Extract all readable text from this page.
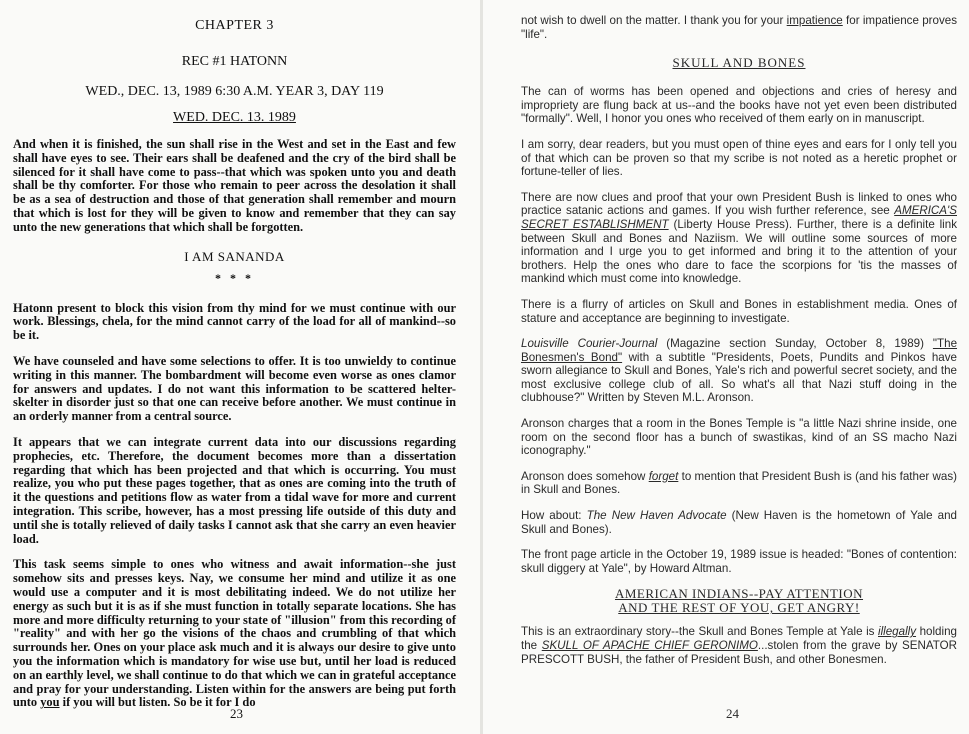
CHAPTER 3
REC #1 HATONN
WED., DEC. 13, 1989 6:30 A.M. YEAR 3, DAY 119
WED. DEC. 13. 1989

And when it is finished, the sun shall rise in the West and set in the East and few shall have eyes to see. Their ears shall be deafened and the cry of the bird shall be silenced for it shall have come to pass--that which was spoken unto you and death shall be thy comforter. For those who remain to peer across the desolation it shall be as a sea of destruction and those of that generation shall remember and mourn that which is lost for they will be given to know and remember that they can say unto the new generations that which shall be forgotten.

I AM SANANDA
* * *

Hatonn present to block this vision from thy mind for we must continue with our work. Blessings, chela, for the mind cannot carry of the load for all of mankind--so be it.

We have counseled and have some selections to offer. It is too unwieldy to continue writing in this manner. The bombardment will become even worse as ones clamor for answers and updates. I do not want this information to be scattered helter-skelter in disorder just so that one can receive before another. We must continue in an orderly manner from a central source.

It appears that we can integrate current data into our discussions regarding prophecies, etc. Therefore, the document becomes more than a dissertation regarding that which has been projected and that which is occurring. You must realize, you who put these pages together, that as ones are coming into the truth of it the questions and petitions flow as water from a tidal wave for more and current integration. This scribe, however, has a most pressing life outside of this duty and until she is totally relieved of daily tasks I cannot ask that she carry an even heavier load.

This task seems simple to ones who witness and await information--she just somehow sits and presses keys. Nay, we consume her mind and utilize it as one would use a computer and it is most debilitating indeed. We do not utilize her energy as such but it is as if she must function in totally separate locations. She has more and more difficulty returning to your state of "illusion" from this recording of "reality" and with her go the visions of the chaos and crumbling of that which surrounds her. Ones on your place ask much and it is always our desire to give unto you the information which is mandatory for wise use but, until her load is reduced on an earthly level, we shall continue to do that which we can in grateful acceptance and pray for your understanding. Listen within for the answers are being put forth unto you if you will but listen. So be it for I do

23

not wish to dwell on the matter. I thank you for your impatience for impatience proves "life".

SKULL AND BONES

The can of worms has been opened and objections and cries of heresy and impropriety are flung back at us--and the books have not yet even been distributed "formally". Well, I honor you ones who received of them early on in manuscript.

I am sorry, dear readers, but you must open of thine eyes and ears for I only tell you of that which can be proven so that my scribe is not noted as a heretic prophet or fortune-teller of lies.

There are now clues and proof that your own President Bush is linked to ones who practice satanic actions and games. If you wish further reference, see AMERICA'S SECRET ESTABLISHMENT (Liberty House Press). Further, there is a definite link between Skull and Bones and Naziism. We will outline some sources of more information and I urge you to get informed and bring it to the attention of your brothers. Help the ones who dare to face the scorpions for 'tis the masses of mankind which must come into knowledge.

There is a flurry of articles on Skull and Bones in establishment media. Ones of stature and acceptance are beginning to investigate.

Louisville Courier-Journal (Magazine section Sunday, October 8, 1989) "The Bonesmen's Bond" with a subtitle "Presidents, Poets, Pundits and Pinkos have sworn allegiance to Skull and Bones, Yale's rich and powerful secret society, and the most exclusive college club of all. So what's all that Nazi stuff doing in the clubhouse?" Written by Steven M.L. Aronson.

Aronson charges that a room in the Bones Temple is "a little Nazi shrine inside, one room on the second floor has a bunch of swastikas, kind of an SS macho Nazi iconography."

Aronson does somehow forget to mention that President Bush is (and his father was) in Skull and Bones.

How about: The New Haven Advocate (New Haven is the hometown of Yale and Skull and Bones).

The front page article in the October 19, 1989 issue is headed: "Bones of contention: skull diggery at Yale", by Howard Altman.

AMERICAN INDIANS--PAY ATTENTION
AND THE REST OF YOU, GET ANGRY!

This is an extraordinary story--the Skull and Bones Temple at Yale is illegally holding the SKULL OF APACHE CHIEF GERONIMO...stolen from the grave by SENATOR PRESCOTT BUSH, the father of President Bush, and other Bonesmen.

24
